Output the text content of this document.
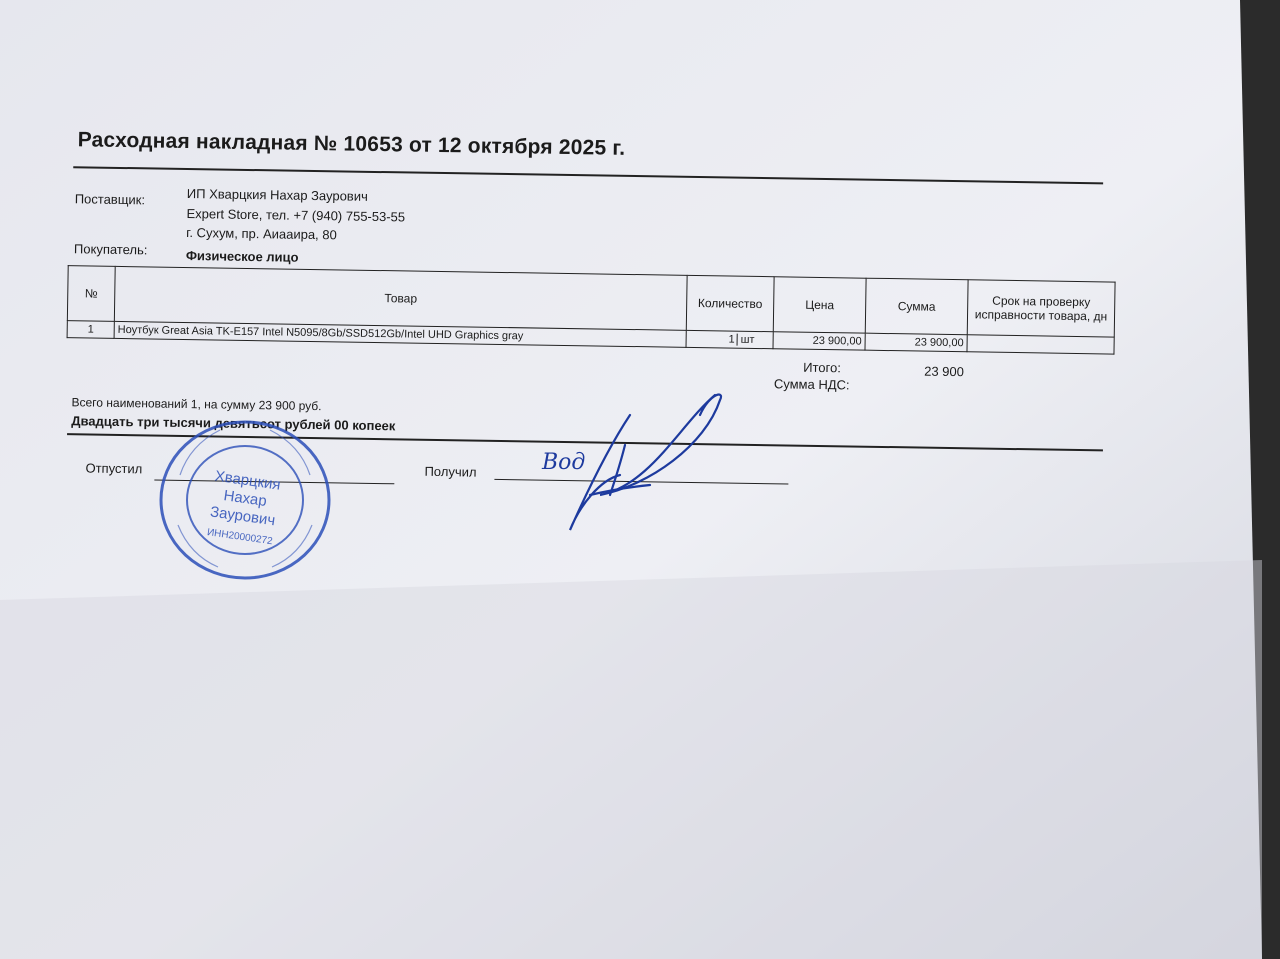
Расходная накладная № 10653 от 12 октября 2025 г.
Поставщик:	ИП Хварцкия Нахар Заурович
Expert Store, тел. +7 (940) 755-53-55
г. Сухум, пр. Аиааира, 80
Покупатель:	Физическое лицо
№	Товар	Количество	Цена	Сумма	Срок на проверку исправности товара, дн
1	Ноутбук Great Asia TK-E157 Intel N5095/8Gb/SSD512Gb/Intel UHD Graphics gray	1 шт	23 900,00	23 900,00	
Итого:	23 900
Сумма НДС:
Всего наименований 1, на сумму 23 900 руб.
Двадцать три тысячи девятьсот рублей 00 копеек
Отпустил	Получил
Хварцкия
Нахар
Заурович
ИНН20000272
Вод
